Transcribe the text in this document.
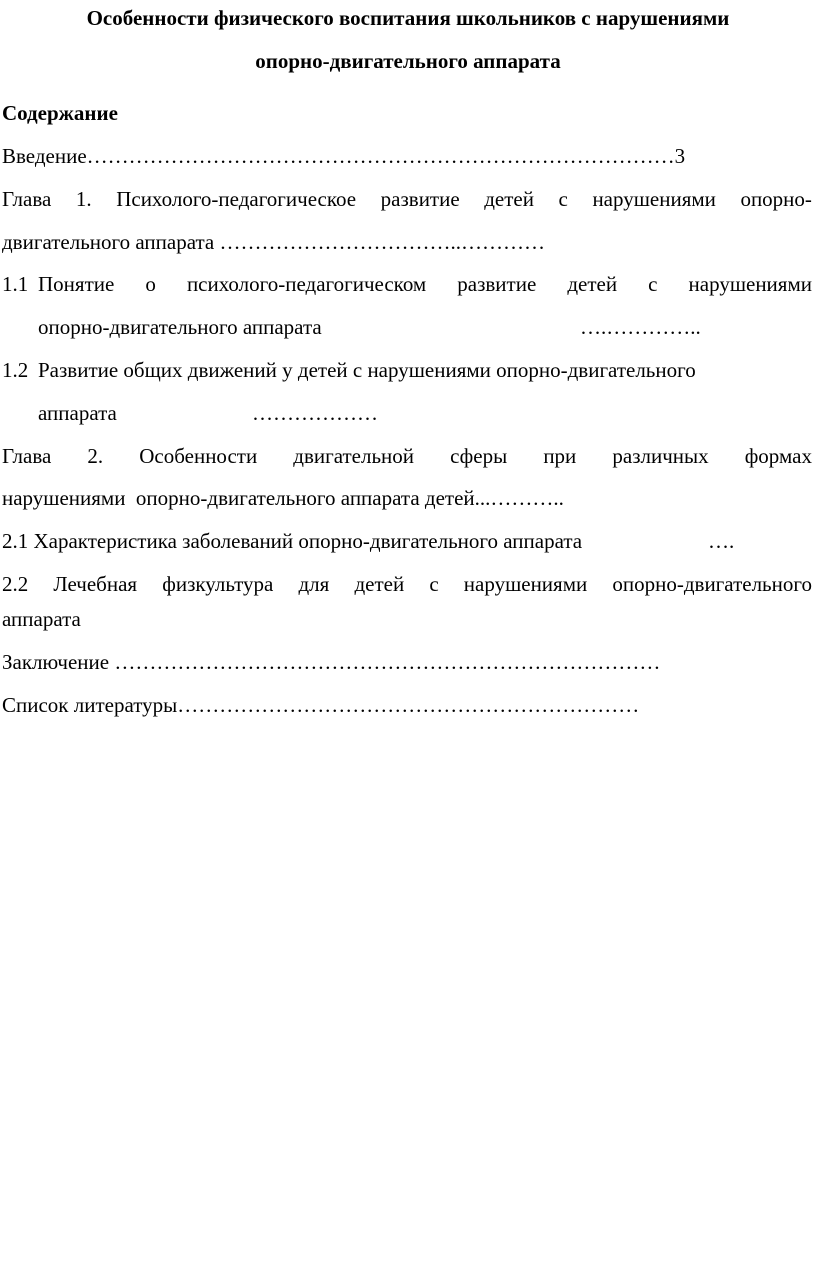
Особенности физического воспитания школьников с нарушениями
опорно-двигательного аппарата
Содержание
Введение…………………………………………………………………………3
Глава 1. Психолого-педагогическое развитие детей с нарушениями опорно-
двигательного аппарата ……………………………..…………
1.1 Понятие о психолого-педагогическом развитие детей с нарушениями
опорно-двигательного аппарата	….…………..
1.2 Развитие общих движений у детей с нарушениями опорно-двигательного
аппарата	………………
Глава 2. Особенности двигательной сферы при различных формах
нарушениями  опорно-двигательного аппарата детей...………..
2.1 Характеристика заболеваний опорно-двигательного аппарата	….
2.2 Лечебная физкультура для детей с нарушениями опорно-двигательного
аппарата
Заключение ……………………………………………………………………
Список литературы…………………………………………………………
